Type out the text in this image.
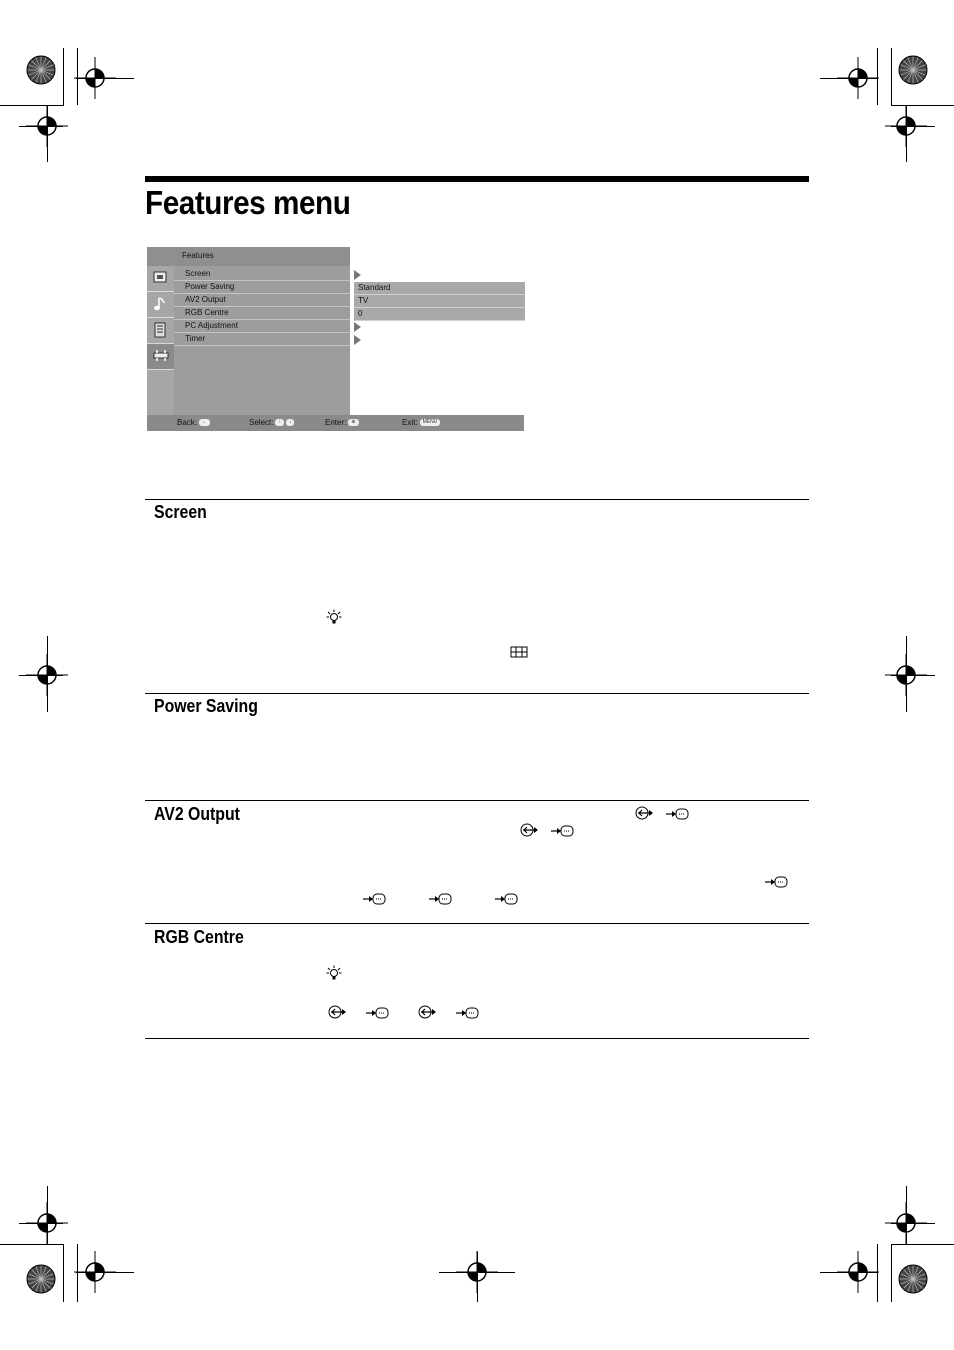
Features menu
Features
Screen
Power Saving
AV2 Output
RGB Centre
PC Adjustment
Timer
Standard
TV
0
Back: ←	Select: ↑ ↓	Enter: ⊕	Exit: MENU
Screen
Power Saving
AV2 Output
RGB Centre
